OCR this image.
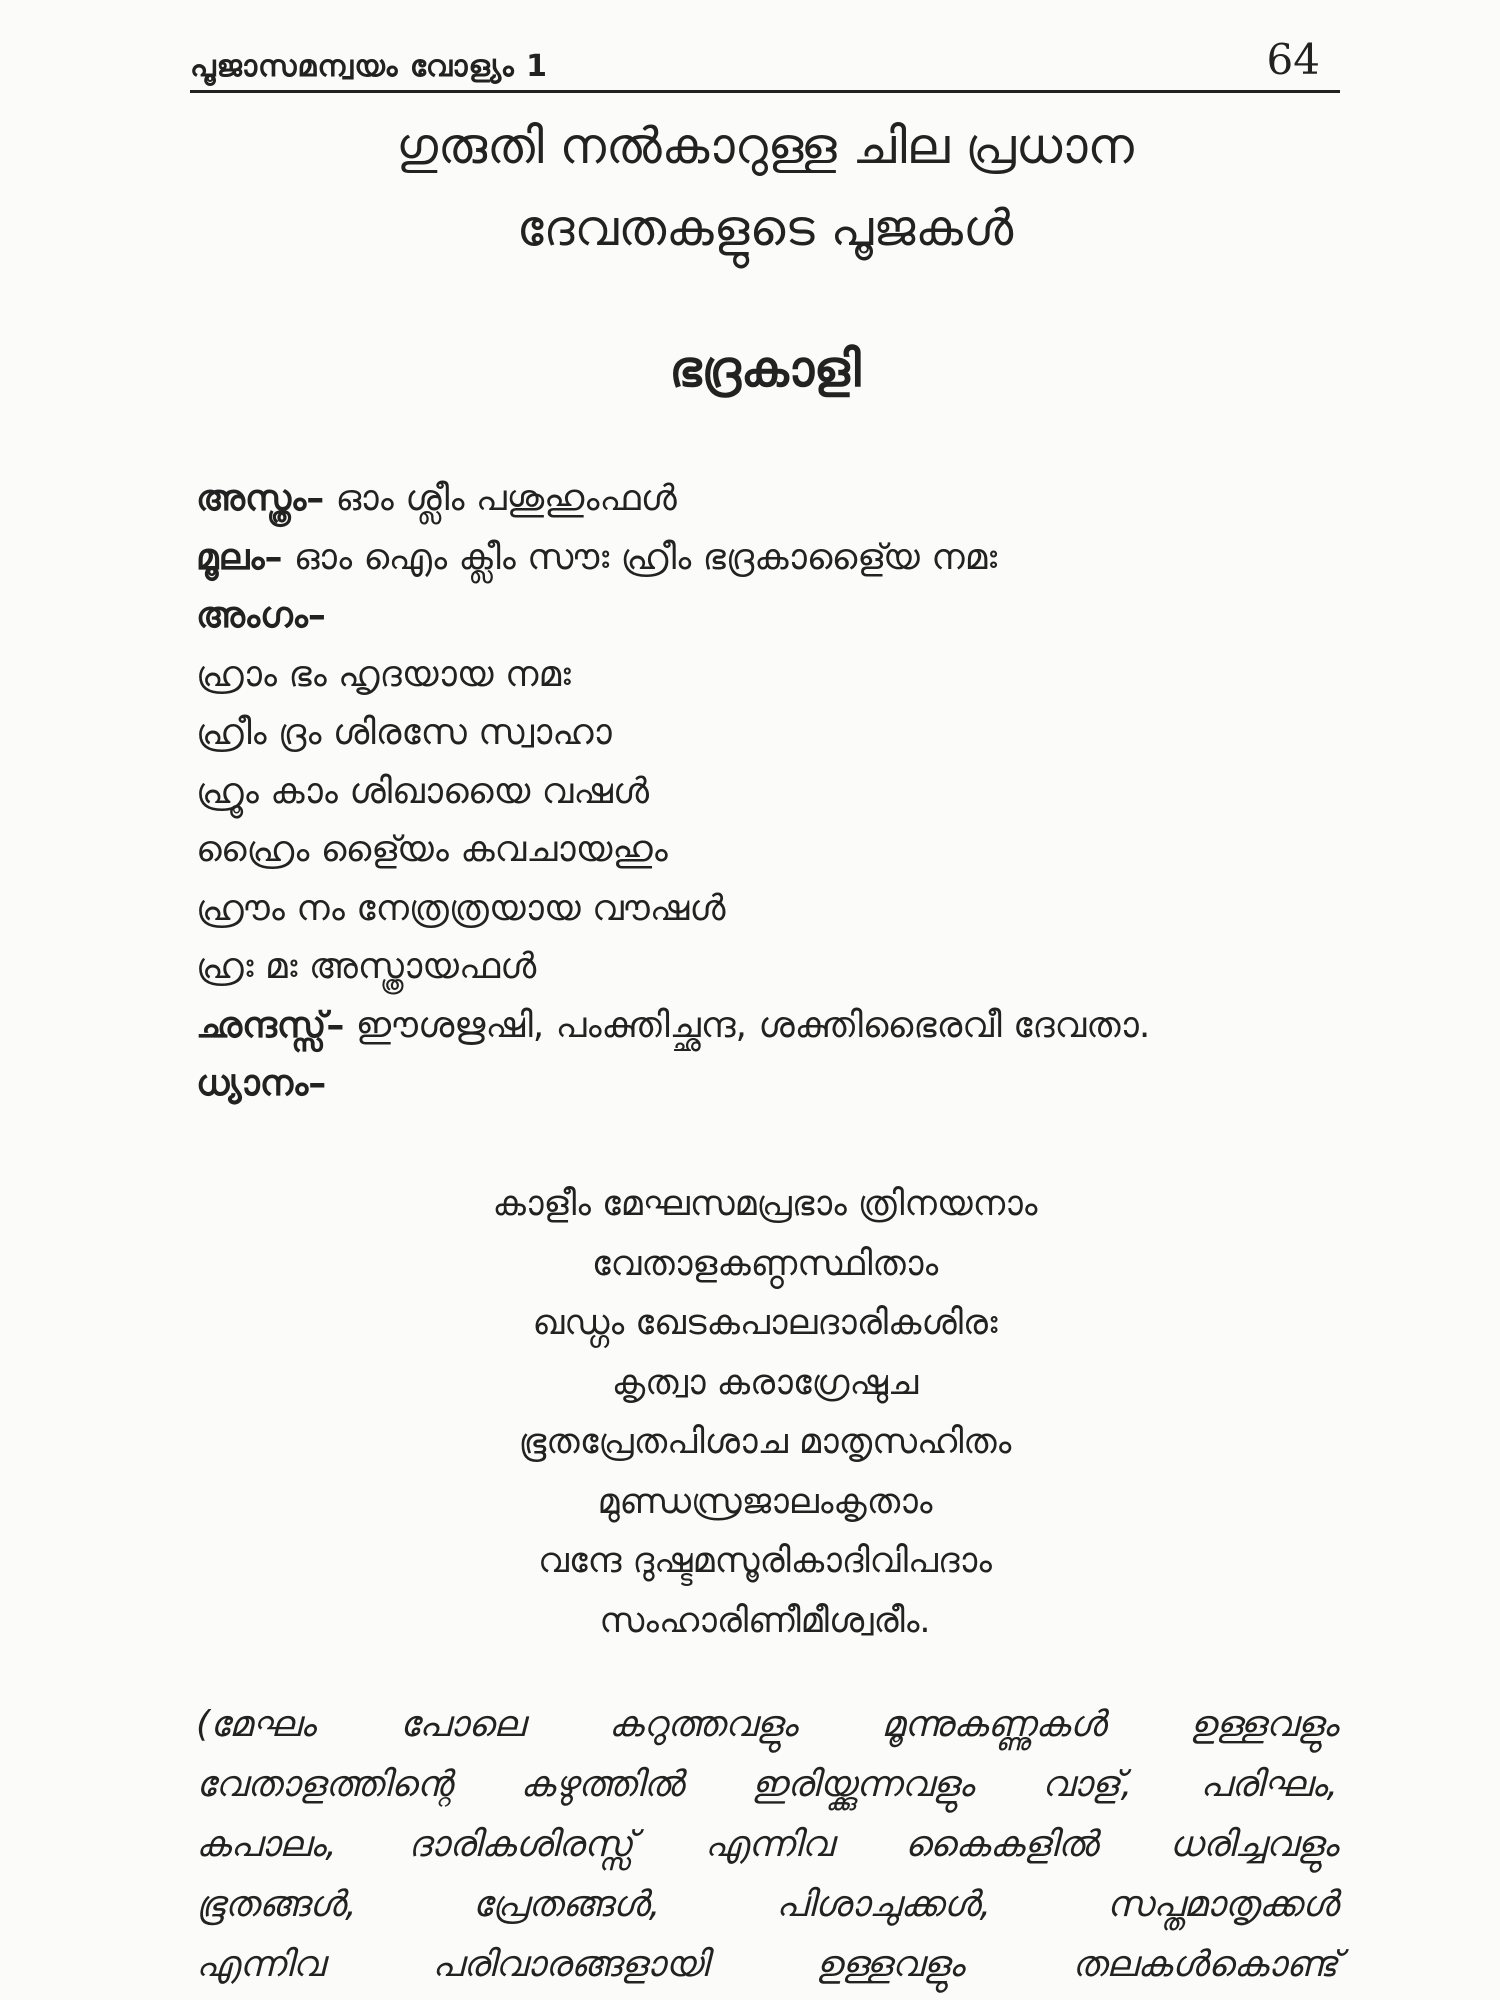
പൂജാസമന്വയം വോള്യം 1	64
ഗുരുതി നൽകാറുള്ള ചില പ്രധാന
ദേവതകളുടെ പൂജകൾ
ഭദ്രകാളി
അസ്ത്രം– ഓം ശ്ലീം പശുഹുംഫൾ
മൂലം– ഓം ഐം ക്ലീം സൗഃ ഹ്രീം ഭദ്രകാളൈ്യ നമഃ
അംഗം–
ഹ്രാം ഭം ഹൃദയായ നമഃ
ഹ്രീം ദ്രം ശിരസേ സ്വാഹാ
ഹ്രൂം കാം ശിഖായൈ വഷൾ
ഹ്രൈം ളൈ്യം കവചായഹും
ഹ്രൗം നം നേത്രത്രയായ വൗഷൾ
ഹ്രഃ മഃ അസ്ത്രായഫൾ
ഛന്ദസ്സ്– ഈശഋഷി, പംക്തിച്ഛന്ദ, ശക്തിഭൈരവീ ദേവതാ.
ധ്യാനം–
കാളീം മേഘസമപ്രഭാം ത്രിനയനാം
വേതാളകണ്ഠസ്ഥിതാം
ഖഡ്ഗം ഖേടകപാലദാരികശിരഃ
കൃത്വാ കരാഗ്രേഷുച
ഭൂതപ്രേതപിശാച മാതൃസഹിതം
മുണ്ഡസ്രജാലംകൃതാം
വന്ദേ ദുഷ്ടമസൂരികാദിവിപദാം
സംഹാരിണീമീശ്വരീം.
(മേഘം പോലെ കറുത്തവളും മൂന്നുകണ്ണുകൾ ഉള്ളവളും
വേതാളത്തിന്റെ കഴുത്തിൽ ഇരിയ്ക്കുന്നവളും വാള്, പരിഘം,
കപാലം, ദാരികശിരസ്സ് എന്നിവ കൈകളിൽ ധരിച്ചവളും
ഭൂതങ്ങൾ, പ്രേതങ്ങൾ, പിശാചുക്കൾ, സപ്തമാതൃക്കൾ
എന്നിവ പരിവാരങ്ങളായി ഉള്ളവളും തലകൾകൊണ്ട്
